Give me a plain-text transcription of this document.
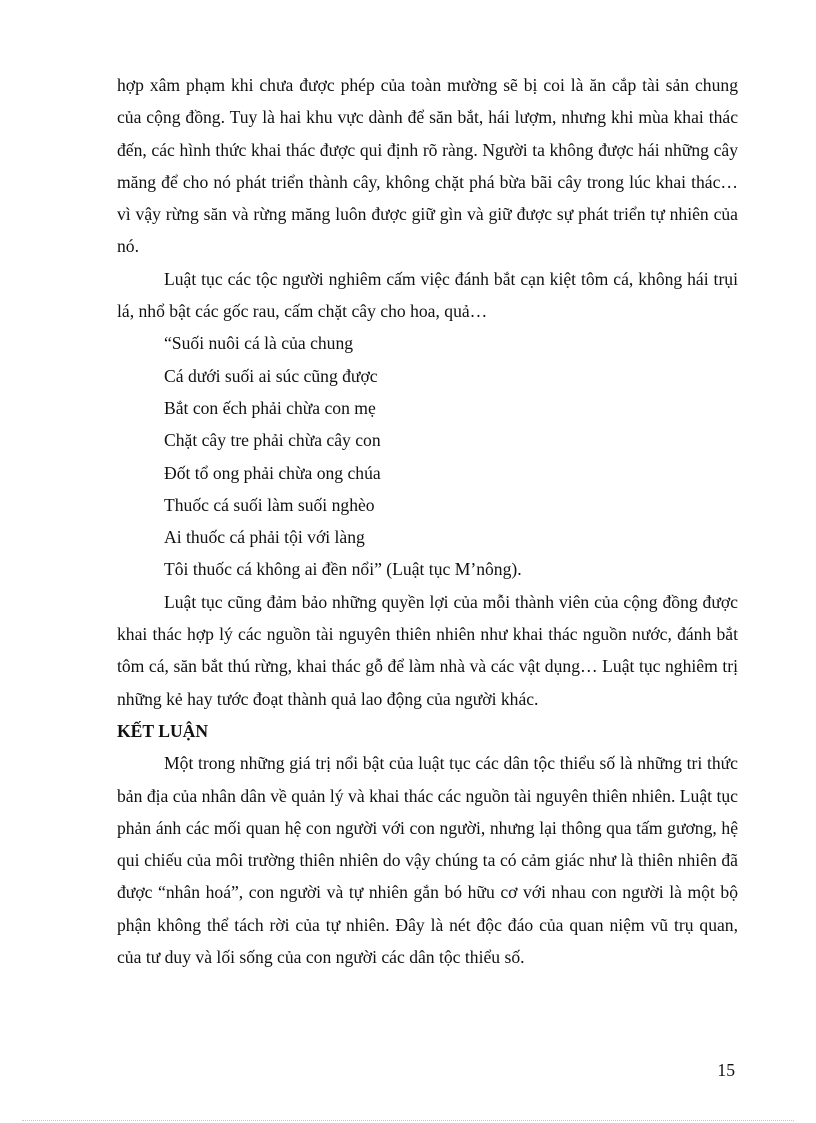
hợp xâm phạm khi chưa được phép của toàn mường sẽ bị coi là ăn cắp tài sản chung của cộng đồng. Tuy là hai khu vực dành để săn bắt, hái lượm, nhưng khi mùa khai thác đến, các hình thức khai thác được qui định rõ ràng. Người ta không được hái những cây măng để cho nó phát triển thành cây, không chặt phá bừa bãi cây trong lúc khai thác… vì vậy rừng săn và rừng măng luôn được giữ gìn và giữ được sự phát triển tự nhiên của nó.

Luật tục các tộc người nghiêm cấm việc đánh bắt cạn kiệt tôm cá, không hái trụi lá, nhổ bật các gốc rau, cấm chặt cây cho hoa, quả…

“Suối nuôi cá là của chung
Cá dưới suối ai súc cũng được
Bắt con ếch phải chừa con mẹ
Chặt cây tre phải chừa cây con
Đốt tổ ong phải chừa ong chúa
Thuốc cá suối làm suối nghèo
Ai thuốc cá phải tội với làng
Tôi thuốc cá không ai đền nổi” (Luật tục M’nông).

Luật tục cũng đảm bảo những quyền lợi của mỗi thành viên của cộng đồng được khai thác hợp lý các nguồn tài nguyên thiên nhiên như khai thác nguồn nước, đánh bắt tôm cá, săn bắt thú rừng, khai thác gỗ để làm nhà và các vật dụng… Luật tục nghiêm trị những kẻ hay tước đoạt thành quả lao động của người khác.

KẾT LUẬN

Một trong những giá trị nổi bật của luật tục các dân tộc thiểu số là những tri thức bản địa của nhân dân về quản lý và khai thác các nguồn tài nguyên thiên nhiên. Luật tục phản ánh các mối quan hệ con người với con người, nhưng lại thông qua tấm gương, hệ qui chiếu của môi trường thiên nhiên do vậy chúng ta có cảm giác như là thiên nhiên đã được “nhân hoá”, con người và tự nhiên gắn bó hữu cơ với nhau con người là một bộ phận không thể tách rời của tự nhiên. Đây là nét độc đáo của quan niệm vũ trụ quan, của tư duy và lối sống của con người các dân tộc thiểu số.

15
